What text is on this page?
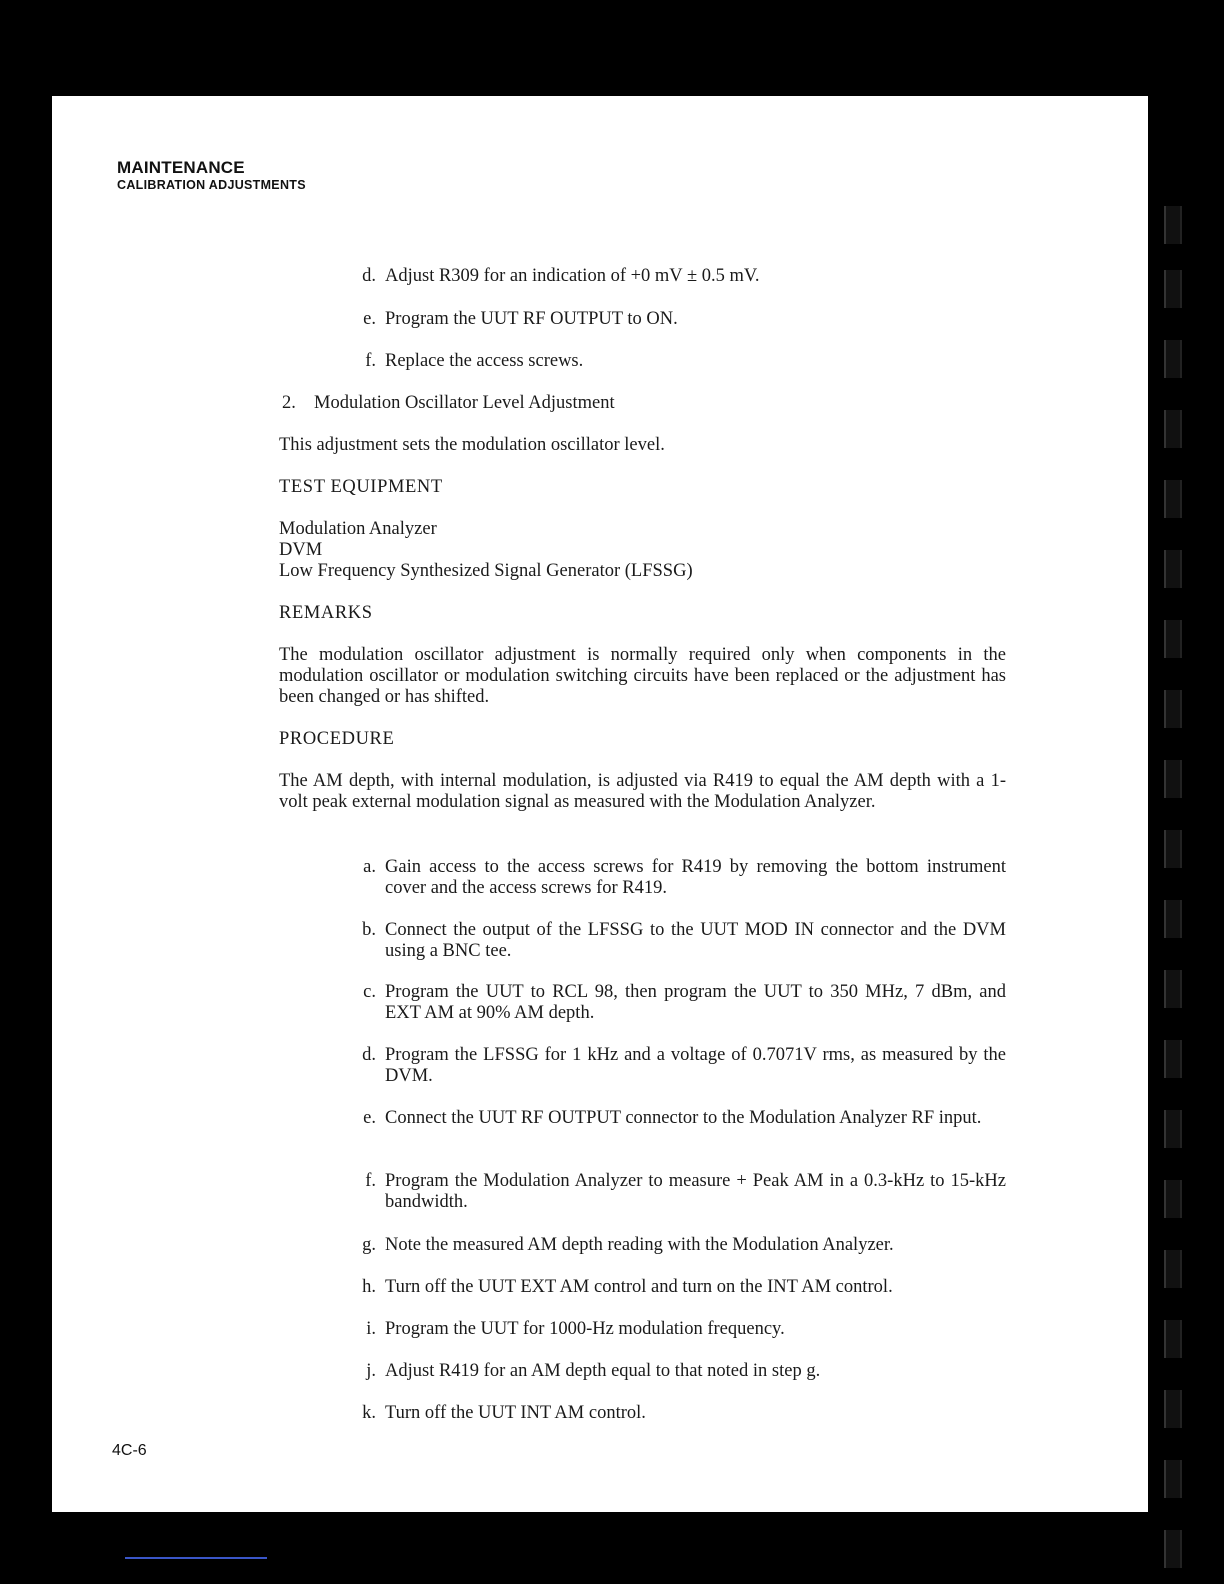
MAINTENANCE
CALIBRATION ADJUSTMENTS
d. Adjust R309 for an indication of +0 mV ± 0.5 mV.
e. Program the UUT RF OUTPUT to ON.
f. Replace the access screws.
2. Modulation Oscillator Level Adjustment
This adjustment sets the modulation oscillator level.
TEST EQUIPMENT
Modulation Analyzer
DVM
Low Frequency Synthesized Signal Generator (LFSSG)
REMARKS
The modulation oscillator adjustment is normally required only when components in the modulation oscillator or modulation switching circuits have been replaced or the adjustment has been changed or has shifted.
PROCEDURE
The AM depth, with internal modulation, is adjusted via R419 to equal the AM depth with a 1-volt peak external modulation signal as measured with the Modulation Analyzer.
a. Gain access to the access screws for R419 by removing the bottom instrument cover and the access screws for R419.
b. Connect the output of the LFSSG to the UUT MOD IN connector and the DVM using a BNC tee.
c. Program the UUT to RCL 98, then program the UUT to 350 MHz, 7 dBm, and EXT AM at 90% AM depth.
d. Program the LFSSG for 1 kHz and a voltage of 0.7071V rms, as measured by the DVM.
e. Connect the UUT RF OUTPUT connector to the Modulation Analyzer RF input.
f. Program the Modulation Analyzer to measure + Peak AM in a 0.3-kHz to 15-kHz bandwidth.
g. Note the measured AM depth reading with the Modulation Analyzer.
h. Turn off the UUT EXT AM control and turn on the INT AM control.
i. Program the UUT for 1000-Hz modulation frequency.
j. Adjust R419 for an AM depth equal to that noted in step g.
k. Turn off the UUT INT AM control.
4C-6
